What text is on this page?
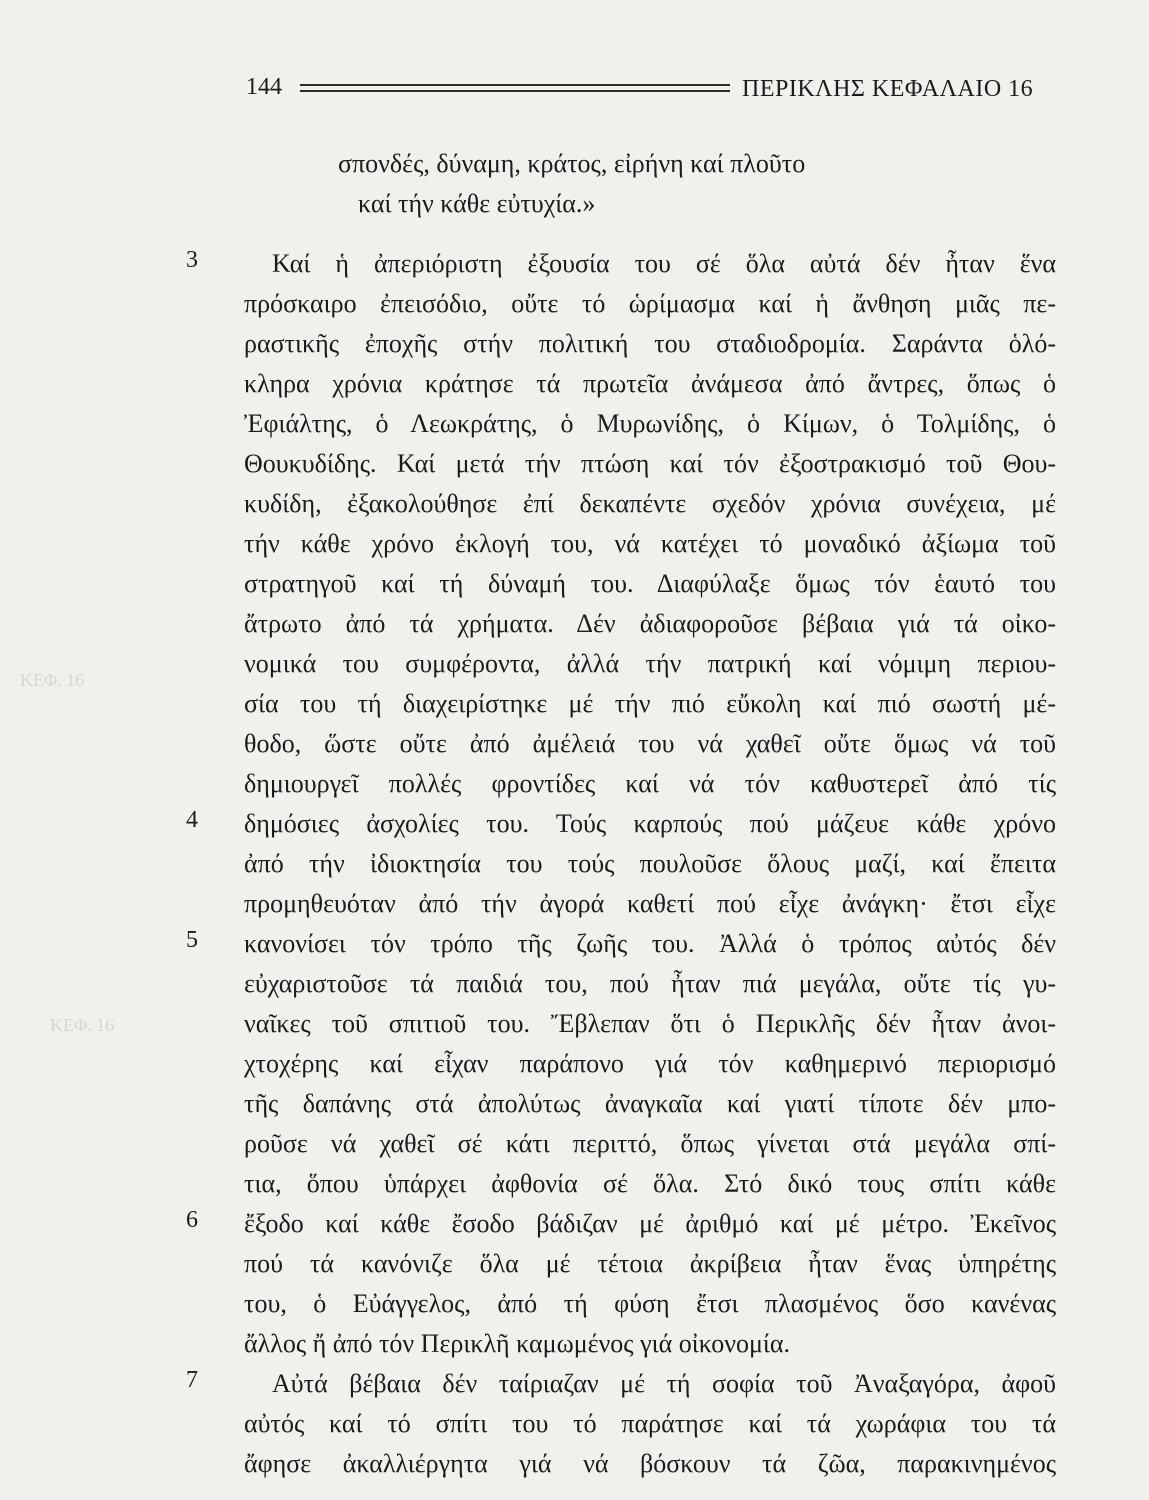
ΚΕΦ. 16
ΚΕΦ. 16
144	ΠΕΡΙΚΛΗΣ ΚΕΦΑΛΑΙΟ 16
σπονδές, δύναμη, κράτος, εἰρήνη καί πλοῦτο
καί τήν κάθε εὐτυχία.»
3	Καί ἡ ἀπεριόριστη ἐξουσία του σέ ὅλα αὐτά δέν ἦταν ἕνα
πρόσκαιρο ἐπεισόδιο, οὔτε τό ὡρίμασμα καί ἡ ἄνθηση μιᾶς πε-
ραστικῆς ἐποχῆς στήν πολιτική του σταδιοδρομία. Σαράντα ὁλό-
κληρα χρόνια κράτησε τά πρωτεῖα ἀνάμεσα ἀπό ἄντρες, ὅπως ὁ
Ἐφιάλτης, ὁ Λεωκράτης, ὁ Μυρωνίδης, ὁ Κίμων, ὁ Τολμίδης, ὁ
Θουκυδίδης. Καί μετά τήν πτώση καί τόν ἐξοστρακισμό τοῦ Θου-
κυδίδη, ἐξακολούθησε ἐπί δεκαπέντε σχεδόν χρόνια συνέχεια, μέ
τήν κάθε χρόνο ἐκλογή του, νά κατέχει τό μοναδικό ἀξίωμα τοῦ
στρατηγοῦ καί τή δύναμή του. Διαφύλαξε ὅμως τόν ἑαυτό του
ἄτρωτο ἀπό τά χρήματα. Δέν ἀδιαφοροῦσε βέβαια γιά τά οἰκο-
νομικά του συμφέροντα, ἀλλά τήν πατρική καί νόμιμη περιου-
σία του τή διαχειρίστηκε μέ τήν πιό εὔκολη καί πιό σωστή μέ-
θοδο, ὥστε οὔτε ἀπό ἀμέλειά του νά χαθεῖ οὔτε ὅμως νά τοῦ
δημιουργεῖ πολλές φροντίδες καί νά τόν καθυστερεῖ ἀπό τίς
4 δημόσιες ἀσχολίες του. Τούς καρπούς πού μάζευε κάθε χρόνο
ἀπό τήν ἰδιοκτησία του τούς πουλοῦσε ὅλους μαζί, καί ἔπειτα
προμηθευόταν ἀπό τήν ἀγορά καθετί πού εἶχε ἀνάγκη· ἔτσι εἶχε
5 κανονίσει τόν τρόπο τῆς ζωῆς του. Ἀλλά ὁ τρόπος αὐτός δέν
εὐχαριστοῦσε τά παιδιά του, πού ἦταν πιά μεγάλα, οὔτε τίς γυ-
ναῖκες τοῦ σπιτιοῦ του. Ἔβλεπαν ὅτι ὁ Περικλῆς δέν ἦταν ἀνοι-
χτοχέρης καί εἶχαν παράπονο γιά τόν καθημερινό περιορισμό
τῆς δαπάνης στά ἀπολύτως ἀναγκαῖα καί γιατί τίποτε δέν μπο-
ροῦσε νά χαθεῖ σέ κάτι περιττό, ὅπως γίνεται στά μεγάλα σπί-
τια, ὅπου ὑπάρχει ἀφθονία σέ ὅλα. Στό δικό τους σπίτι κάθε
6 ἔξοδο καί κάθε ἔσοδο βάδιζαν μέ ἀριθμό καί μέ μέτρο. Ἐκεῖνος
πού τά κανόνιζε ὅλα μέ τέτοια ἀκρίβεια ἦταν ἕνας ὑπηρέτης
του, ὁ Εὐάγγελος, ἀπό τή φύση ἔτσι πλασμένος ὅσο κανένας
ἄλλος ἤ ἀπό τόν Περικλῆ καμωμένος γιά οἰκονομία.
7	Αὐτά βέβαια δέν ταίριαζαν μέ τή σοφία τοῦ Ἀναξαγόρα, ἀφοῦ
αὐτός καί τό σπίτι του τό παράτησε καί τά χωράφια του τά
ἄφησε ἀκαλλιέργητα γιά νά βόσκουν τά ζῶα, παρακινημένος
